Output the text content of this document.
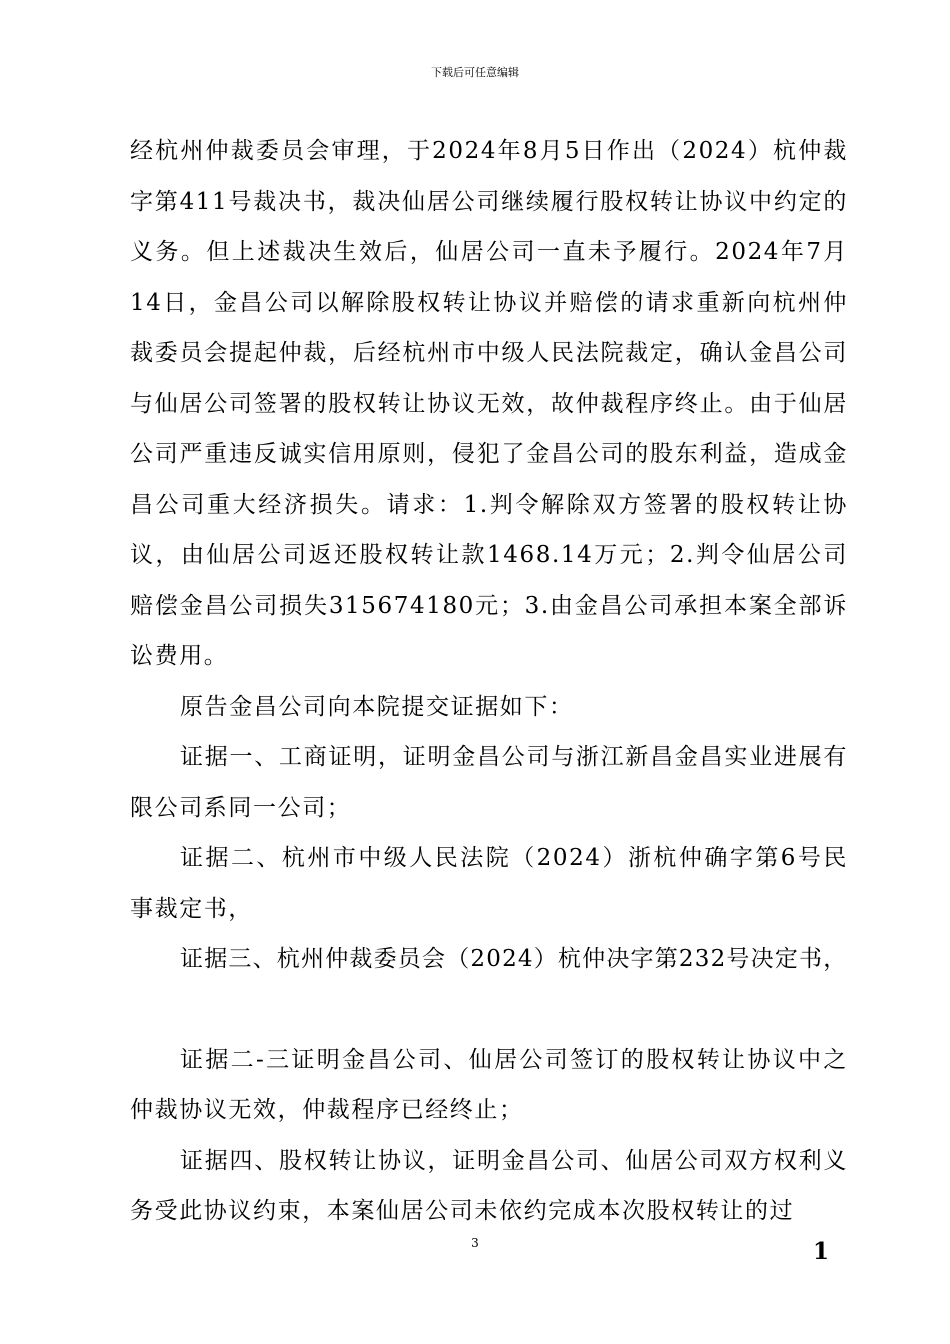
下载后可任意编辑

经杭州仲裁委员会审理，于2024年8月5日作出（2024）杭仲裁字第411号裁决书，裁决仙居公司继续履行股权转让协议中约定的义务。但上述裁决生效后，仙居公司一直未予履行。2024年7月14日，金昌公司以解除股权转让协议并赔偿的请求重新向杭州仲裁委员会提起仲裁，后经杭州市中级人民法院裁定，确认金昌公司与仙居公司签署的股权转让协议无效，故仲裁程序终止。由于仙居公司严重违反诚实信用原则，侵犯了金昌公司的股东利益，造成金昌公司重大经济损失。请求：1.判令解除双方签署的股权转让协议，由仙居公司返还股权转让款1468.14万元；2.判令仙居公司赔偿金昌公司损失315674180元；3.由金昌公司承担本案全部诉讼费用。

原告金昌公司向本院提交证据如下：

证据一、工商证明，证明金昌公司与浙江新昌金昌实业进展有限公司系同一公司；

证据二、杭州市中级人民法院（2024）浙杭仲确字第6号民事裁定书，

证据三、杭州仲裁委员会（2024）杭仲决字第232号决定书，

证据二-三证明金昌公司、仙居公司签订的股权转让协议中之仲裁协议无效，仲裁程序已经终止；

证据四、股权转让协议，证明金昌公司、仙居公司双方权利义务受此协议约束，本案仙居公司未依约完成本次股权转让的过

3	1
